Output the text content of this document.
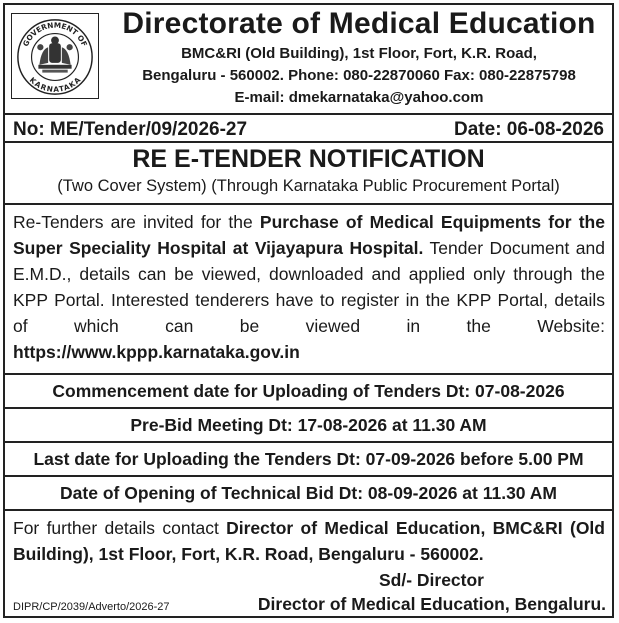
GOVERNMENT OF
KARNATAKA
Directorate of Medical Education
BMC&RI (Old Building), 1st Floor, Fort, K.R. Road,
Bengaluru - 560002. Phone: 080-22870060 Fax: 080-22875798
E-mail: dmekarnataka@yahoo.com
No: ME/Tender/09/2026-27	Date: 06-08-2026
RE E-TENDER NOTIFICATION
(Two Cover System) (Through Karnataka Public Procurement Portal)
Re-Tenders are invited for the Purchase of Medical Equipments for the Super Speciality Hospital at Vijayapura Hospital. Tender Document and E.M.D., details can be viewed, downloaded and applied only through the KPP Portal. Interested tenderers have to register in the KPP Portal, details of which can be viewed in the Website: https://www.kppp.karnataka.gov.in
Commencement date for Uploading of Tenders Dt: 07-08-2026
Pre-Bid Meeting Dt: 17-08-2026 at 11.30 AM
Last date for Uploading the Tenders Dt: 07-09-2026 before 5.00 PM
Date of Opening of Technical Bid Dt: 08-09-2026 at 11.30 AM
For further details contact Director of Medical Education, BMC&RI (Old Building), 1st Floor, Fort, K.R. Road, Bengaluru - 560002.
Sd/- Director
DIPR/CP/2039/Adverto/2026-27	Director of Medical Education, Bengaluru.
